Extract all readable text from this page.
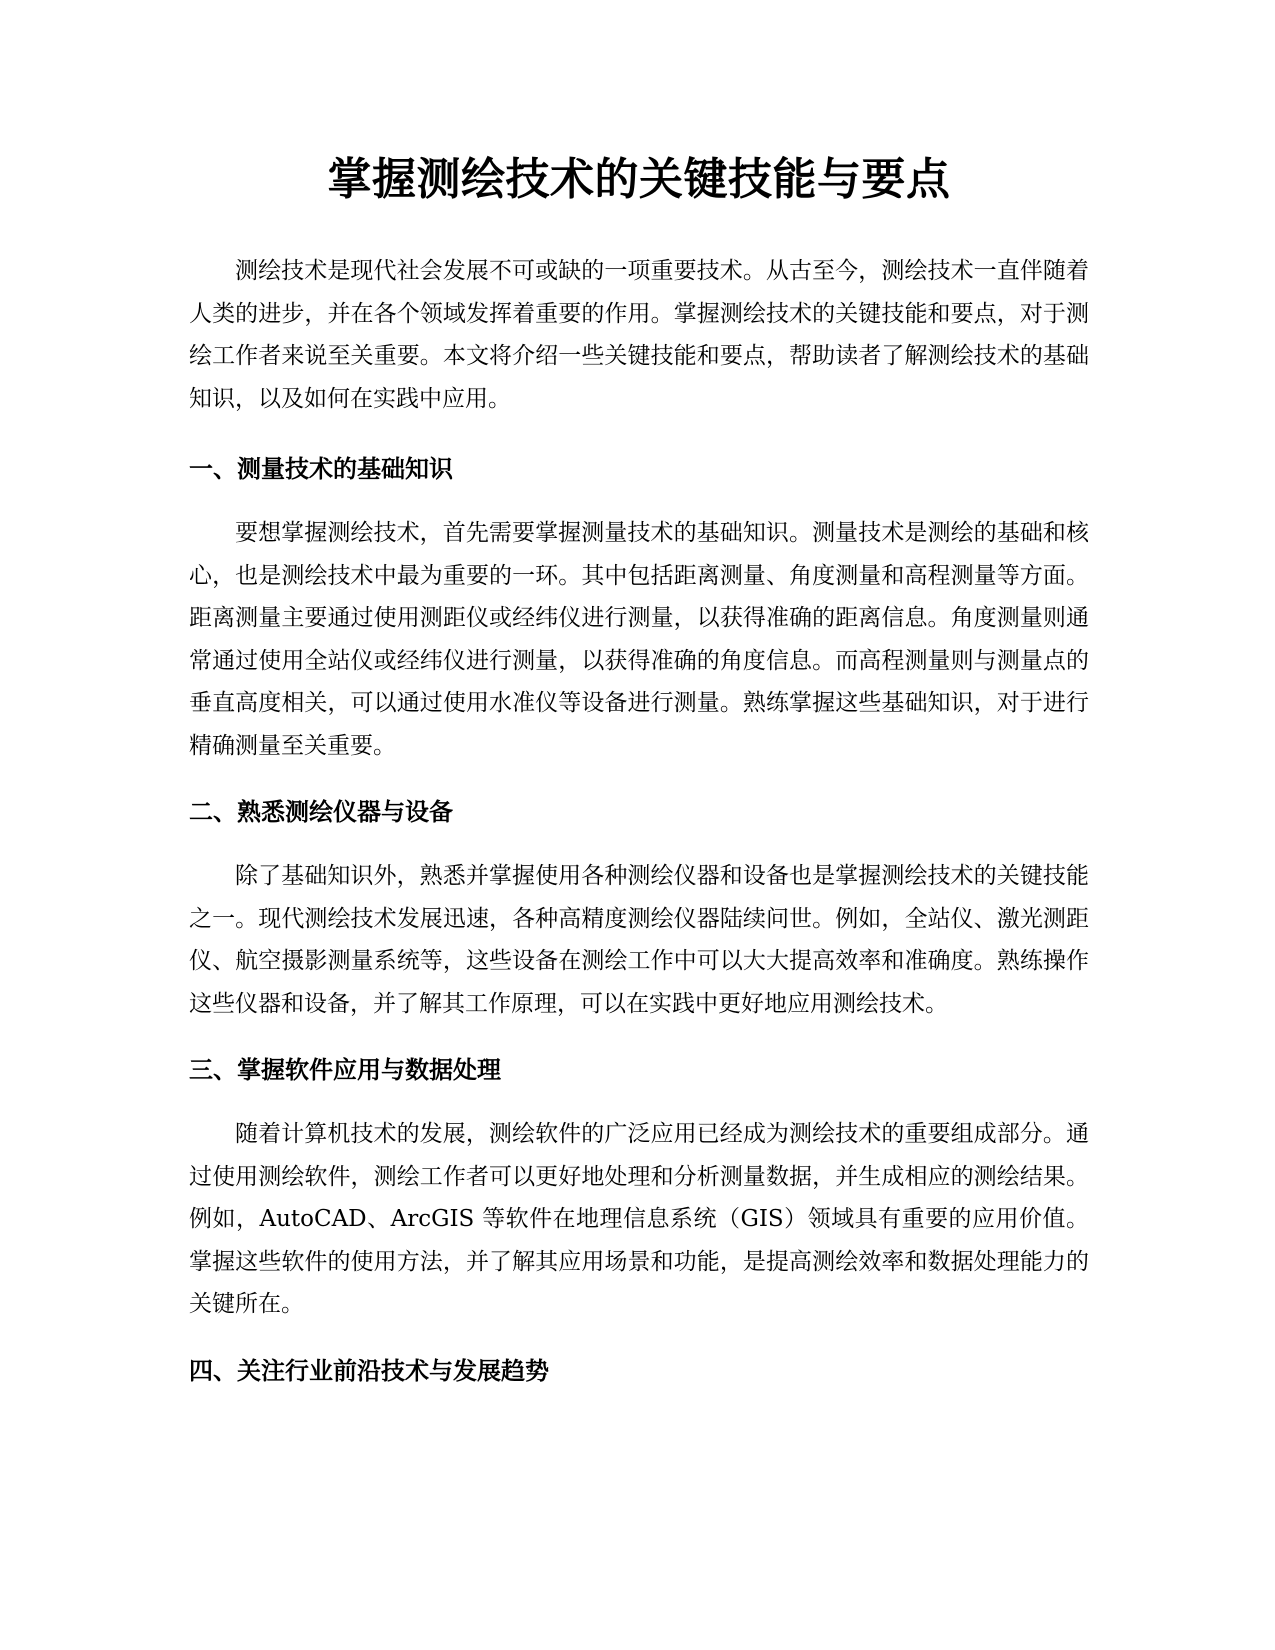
掌握测绘技术的关键技能与要点

测绘技术是现代社会发展不可或缺的一项重要技术。从古至今，测绘技术一直伴随着人类的进步，并在各个领域发挥着重要的作用。掌握测绘技术的关键技能和要点，对于测绘工作者来说至关重要。本文将介绍一些关键技能和要点，帮助读者了解测绘技术的基础知识，以及如何在实践中应用。

一、测量技术的基础知识

要想掌握测绘技术，首先需要掌握测量技术的基础知识。测量技术是测绘的基础和核心，也是测绘技术中最为重要的一环。其中包括距离测量、角度测量和高程测量等方面。距离测量主要通过使用测距仪或经纬仪进行测量，以获得准确的距离信息。角度测量则通常通过使用全站仪或经纬仪进行测量，以获得准确的角度信息。而高程测量则与测量点的垂直高度相关，可以通过使用水准仪等设备进行测量。熟练掌握这些基础知识，对于进行精确测量至关重要。

二、熟悉测绘仪器与设备

除了基础知识外，熟悉并掌握使用各种测绘仪器和设备也是掌握测绘技术的关键技能之一。现代测绘技术发展迅速，各种高精度测绘仪器陆续问世。例如，全站仪、激光测距仪、航空摄影测量系统等，这些设备在测绘工作中可以大大提高效率和准确度。熟练操作这些仪器和设备，并了解其工作原理，可以在实践中更好地应用测绘技术。

三、掌握软件应用与数据处理

随着计算机技术的发展，测绘软件的广泛应用已经成为测绘技术的重要组成部分。通过使用测绘软件，测绘工作者可以更好地处理和分析测量数据，并生成相应的测绘结果。例如，AutoCAD、ArcGIS 等软件在地理信息系统（GIS）领域具有重要的应用价值。掌握这些软件的使用方法，并了解其应用场景和功能，是提高测绘效率和数据处理能力的关键所在。

四、关注行业前沿技术与发展趋势
